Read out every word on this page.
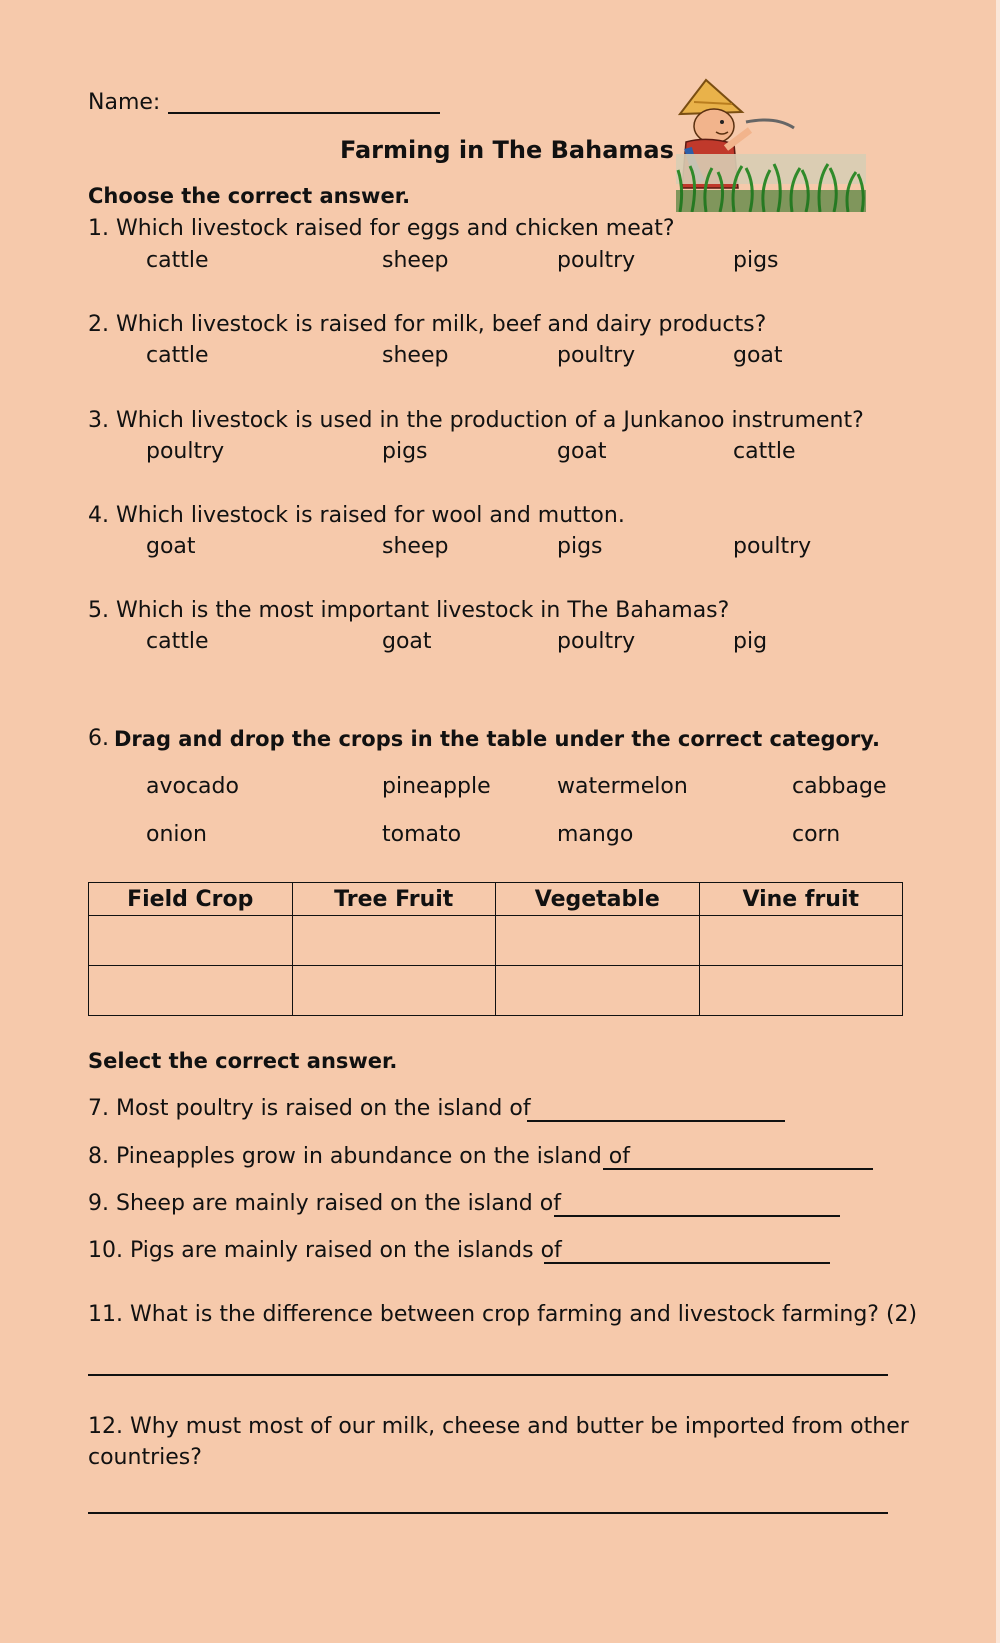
Name:
Farming in The Bahamas
Choose the correct answer.
1. Which livestock raised for eggs and chicken meat?
cattle	sheep	poultry	pigs
2. Which livestock is raised for milk, beef and dairy products?
cattle	sheep	poultry	goat
3. Which livestock is used in the production of a Junkanoo instrument?
poultry	pigs	goat	cattle
4. Which livestock is raised for wool and mutton.
goat	sheep	pigs	poultry
5. Which is the most important livestock in The Bahamas?
cattle	goat	poultry	pig
6. Drag and drop the crops in the table under the correct category.
avocado	pineapple	watermelon	cabbage
onion	tomato	mango	corn
Field Crop	Tree Fruit	Vegetable	Vine fruit

Select the correct answer.
7. Most poultry is raised on the island of
8. Pineapples grow in abundance on the island of
9. Sheep are mainly raised on the island of
10. Pigs are mainly raised on the islands of
11. What is the difference between crop farming and livestock farming? (2)
12. Why must most of our milk, cheese and butter be imported from other
countries?
